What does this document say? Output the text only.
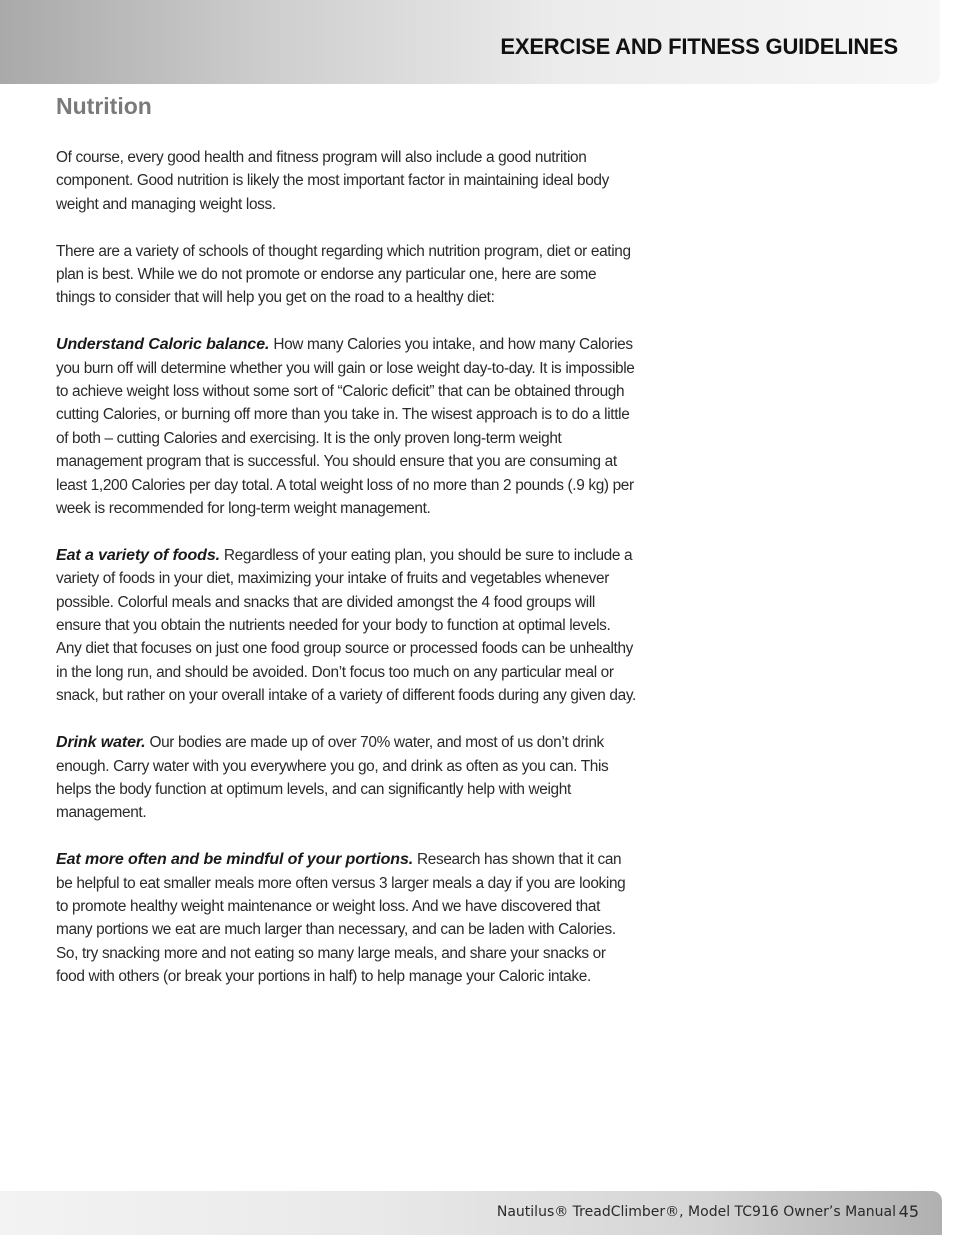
EXERCISE AND FITNESS GUIDELINES
Nutrition

Of course, every good health and fitness program will also include a good nutrition component. Good nutrition is likely the most important factor in maintaining ideal body weight and managing weight loss.

There are a variety of schools of thought regarding which nutrition program, diet or eating plan is best. While we do not promote or endorse any particular one, here are some things to consider that will help you get on the road to a healthy diet:

Understand Caloric balance. How many Calories you intake, and how many Calories you burn off will determine whether you will gain or lose weight day-to-day. It is impossible to achieve weight loss without some sort of “Caloric deficit” that can be obtained through cutting Calories, or burning off more than you take in. The wisest approach is to do a little of both – cutting Calories and exercising. It is the only proven long-term weight management program that is successful. You should ensure that you are consuming at least 1,200 Calories per day total. A total weight loss of no more than 2 pounds (.9 kg) per week is recommended for long-term weight management.

Eat a variety of foods. Regardless of your eating plan, you should be sure to include a variety of foods in your diet, maximizing your intake of fruits and vegetables whenever possible. Colorful meals and snacks that are divided amongst the 4 food groups will ensure that you obtain the nutrients needed for your body to function at optimal levels. Any diet that focuses on just one food group source or processed foods can be unhealthy in the long run, and should be avoided. Don’t focus too much on any particular meal or snack, but rather on your overall intake of a variety of different foods during any given day.

Drink water. Our bodies are made up of over 70% water, and most of us don’t drink enough. Carry water with you everywhere you go, and drink as often as you can. This helps the body function at optimum levels, and can significantly help with weight management.

Eat more often and be mindful of your portions. Research has shown that it can be helpful to eat smaller meals more often versus 3 larger meals a day if you are looking to promote healthy weight maintenance or weight loss. And we have discovered that many portions we eat are much larger than necessary, and can be laden with Calories. So, try snacking more and not eating so many large meals, and share your snacks or food with others (or break your portions in half) to help manage your Caloric intake.

Nautilus® TreadClimber®, Model TC916 Owner’s Manual 45
